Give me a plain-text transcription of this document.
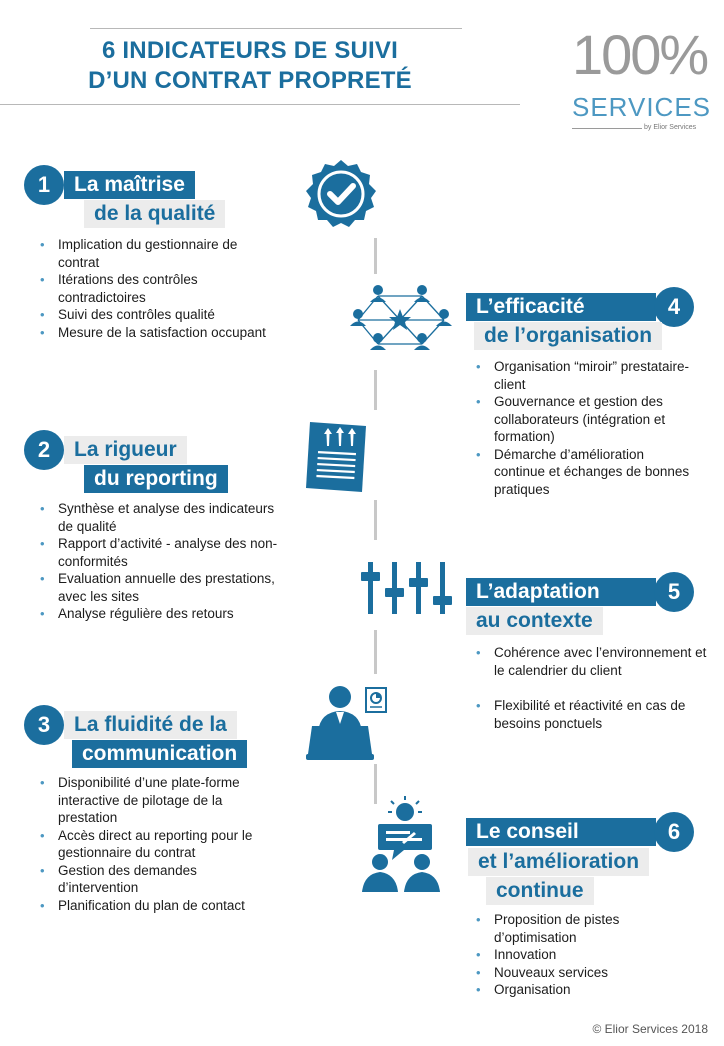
6 INDICATEURS DE SUIVI
D’UN CONTRAT PROPRETÉ	100%
SERVICES
by Elior Services
1	La maîtrise
de la qualité
• Implication du gestionnaire de contrat
• Itérations des contrôles contradictoires
• Suivi des contrôles qualité
• Mesure de la satisfaction occupant
2	La rigueur
du reporting
• Synthèse et analyse des indicateurs de qualité
• Rapport d’activité - analyse des non-conformités
• Evaluation annuelle des prestations, avec les sites
• Analyse régulière des retours
3	La fluidité de la
communication
• Disponibilité d’une plate-forme interactive de pilotage de la prestation
• Accès direct au reporting pour le gestionnaire du contrat
• Gestion des demandes d’intervention
• Planification du plan de contact
L’efficacité	4
de l’organisation
• Organisation “miroir” prestataire-client
• Gouvernance et gestion des collaborateurs (intégration et formation)
• Démarche d’amélioration continue et échanges de bonnes pratiques
L’adaptation	5
au contexte
• Cohérence avec l’environnement et le calendrier du client
• Flexibilité et réactivité en cas de besoins ponctuels
Le conseil	6
et l’amélioration
continue
• Proposition de pistes d’optimisation
• Innovation
• Nouveaux services
• Organisation
© Elior Services 2018
